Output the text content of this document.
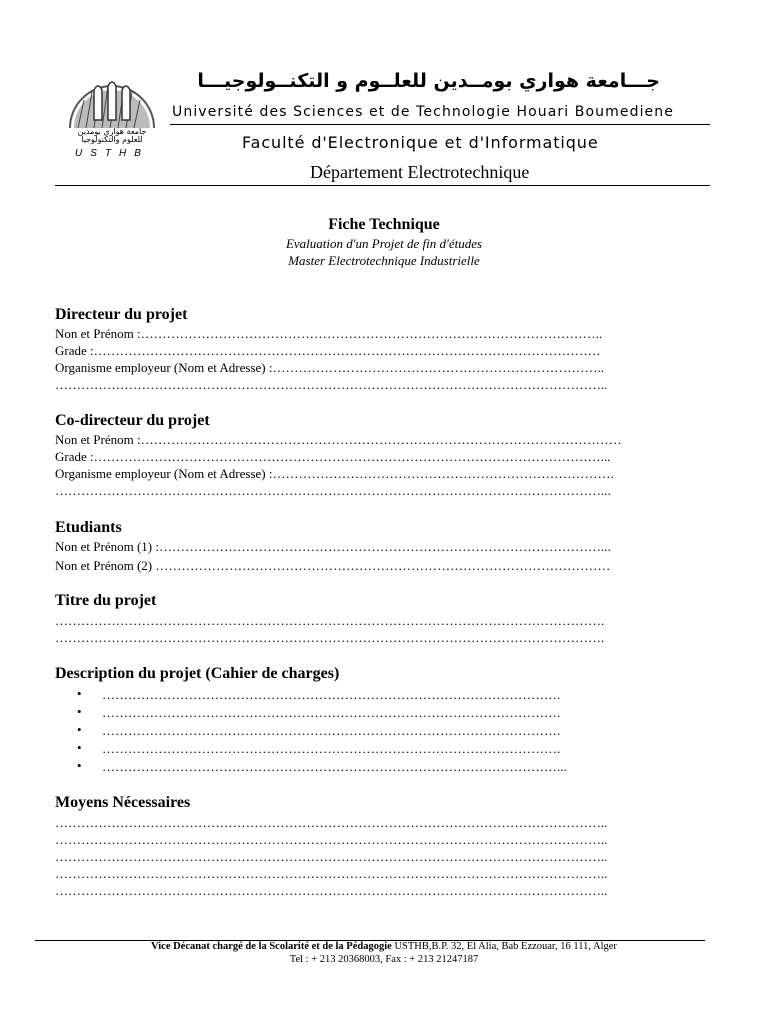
جامعة هواري بومدين
للعلوم والتكنولوجيا
USTHB
جـــامعة هواري بومــدين للعلــوم و التكنــولوجيـــا
Université des Sciences et de Technologie Houari Boumediene
Faculté d'Electronique et d'Informatique
Département Electrotechnique
Fiche Technique
Evaluation d'un Projet de fin d'études
Master Electrotechnique Industrielle
Directeur du projet
Non et Prénom :……………………………………………………………………………………………..
Grade :………………………………………………………………………………………………………
Organisme employeur (Nom et Adresse) :…………………………………………………………………..
………………………………………………………………………………………………………………..
Co-directeur du projet
Non et Prénom :…………………………………………………………………………………………………
Grade :………………………………………………………………………………………………………...
Organisme employeur (Nom et Adresse) :…………………………………………………………………….
………………………………………………………………………………………………………………...
Etudiants
Non et Prénom (1) :…………………………………………………………………………………………...
Non et Prénom (2) ……………………………………………………………………………………………
Titre du projet
……………………………………………………………………………………………………………….
……………………………………………………………………………………………………………….
Description du projet (Cahier de charges)
• …………………………………………………………………………………………….
• …………………………………………………………………………………………….
• …………………………………………………………………………………………….
• …………………………………………………………………………………………….
• ……………………………………………………………………………………………...
Moyens Nécessaires
………………………………………………………………………………………………………………..
………………………………………………………………………………………………………………..
………………………………………………………………………………………………………………..
………………………………………………………………………………………………………………..
………………………………………………………………………………………………………………..
Vice Décanat chargé de la Scolarité et de la Pédagogie USTHB,B.P. 32, El Alia, Bab Ezzouar, 16 111, Alger
Tel : + 213 20368003, Fax : + 213 21247187
